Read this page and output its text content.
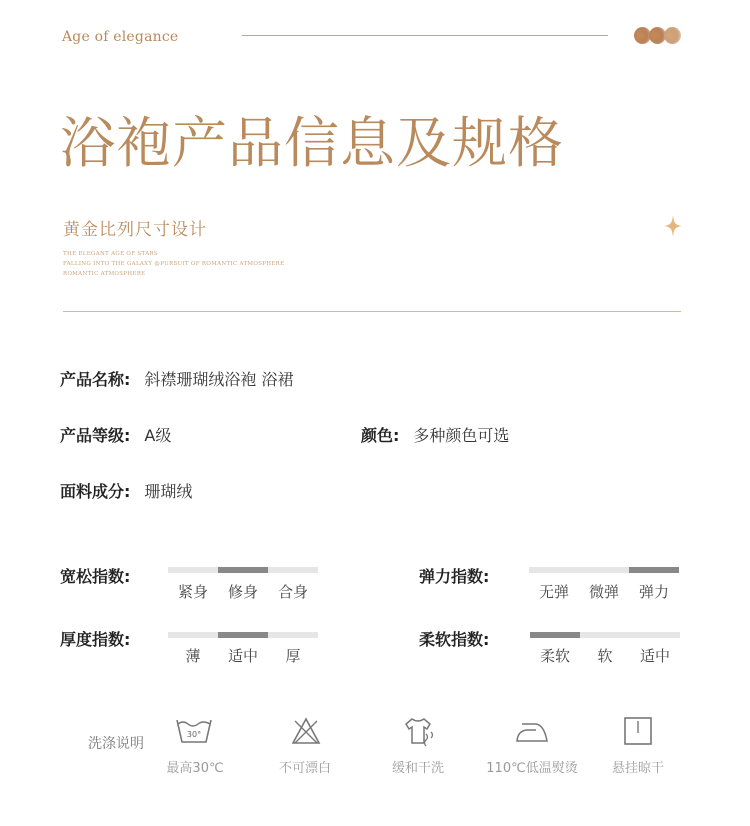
Age of elegance
浴袍产品信息及规格
黄金比列尺寸设计
THE ELEGANT AGE OF STARS
FALLING INTO THE GALAXY @PURSUIT OF ROMANTIC ATMOSPHERE
ROMANTIC ATMOSPHERE
产品名称: 斜襟珊瑚绒浴袍 浴裙
产品等级: A级	颜色: 多种颜色可选
面料成分: 珊瑚绒
宽松指数:
紧身	修身	合身
弹力指数:
无弹	微弹	弹力
厚度指数:
薄	适中	厚
柔软指数:
柔软	软	适中
洗涤说明
30°
最高30℃	不可漂白	缓和干洗	110℃低温熨烫	悬挂晾干
